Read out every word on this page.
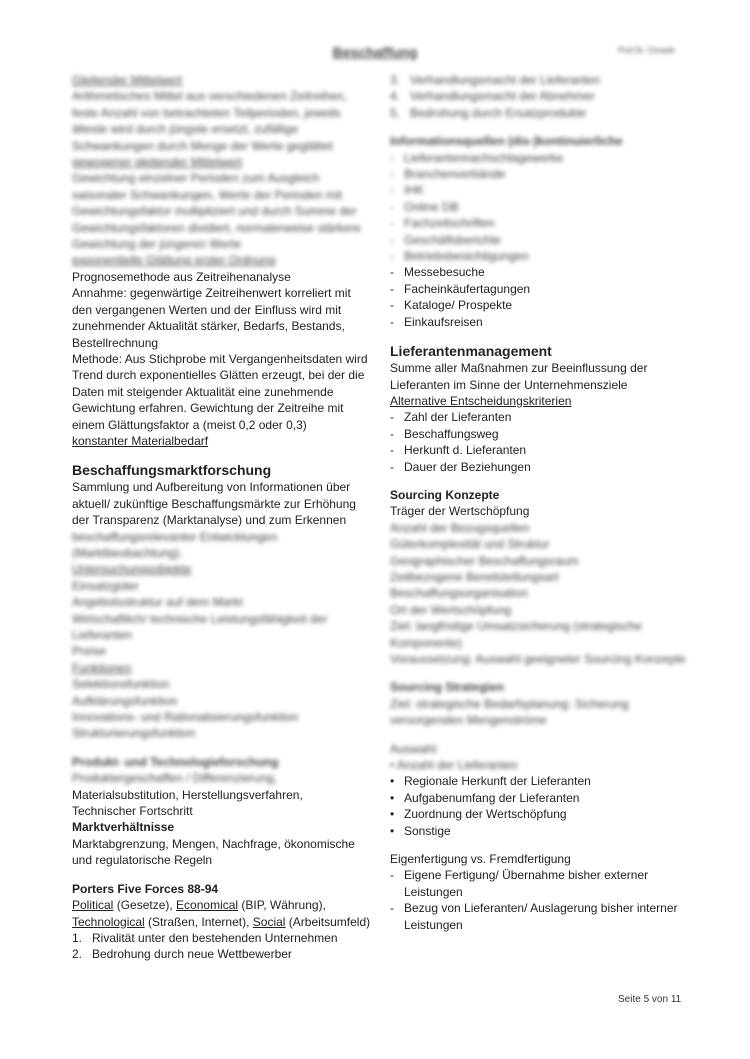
Beschaffung	Prof Dr. Chrasik
Gleitender Mittelwert
Arithmetisches Mittel aus verschiedenen Zeitreihen,
feste Anzahl von betrachteten Teilperioden, jeweils
älteste wird durch jüngste ersetzt, zufällige
Schwankungen durch Menge der Werte geglättet
gewogener gleitender Mittelwert
Gewichtung einzelner Perioden zum Ausgleich
saisonaler Schwankungen, Werte der Perioden mit
Gewichtungsfaktor multipliziert und durch Summe der
Gewichtungsfaktoren dividiert, normalerweise stärkere
Gewichtung der jüngeren Werte
exponentielle Glättung erster Ordnung
Prognosemethode aus Zeitreihenanalyse
Annahme: gegenwärtige Zeitreihenwert korreliert mit
den vergangenen Werten und der Einfluss wird mit
zunehmender Aktualität stärker, Bedarfs, Bestands,
Bestellrechnung
Methode: Aus Stichprobe mit Vergangenheitsdaten wird
Trend durch exponentielles Glätten erzeugt, bei der die
Daten mit steigender Aktualität eine zunehmende
Gewichtung erfahren. Gewichtung der Zeitreihe mit
einem Glättungsfaktor a (meist 0,2 oder 0,3)
konstanter Materialbedarf
Beschaffungsmarktforschung
Sammlung und Aufbereitung von Informationen über
aktuell/ zukünftige Beschaffungsmärkte zur Erhöhung
der Transparenz (Marktanalyse) und zum Erkennen
beschaffungsrelevanter Entwicklungen
(Marktbeobachtung).
Untersuchungsobjekte
Einsatzgüter
Angebotsstruktur auf dem Markt
Wirtschaftlich/ technische Leistungsfähigkeit der
Lieferanten
Preise
Funktionen
Selektionsfunktion
Aufklärungsfunktion
Innovations- und Rationalisierungsfunktion
Strukturierungsfunktion
Produkt- und Technologieforschung
Produktergeschaffen / Differenzierung,
Materialsubstitution, Herstellungsverfahren,
Technischer Fortschritt
Marktverhältnisse
Marktabgrenzung, Mengen, Nachfrage, ökonomische
und regulatorische Regeln
Porters Five Forces 88-94
Political (Gesetze), Economical (BIP, Währung),
Technological (Straßen, Internet), Social (Arbeitsumfeld)
1. Rivalität unter den bestehenden Unternehmen
2. Bedrohung durch neue Wettbewerber
3. Verhandlungsmacht der Lieferanten
4. Verhandlungsmacht der Abnehmer
5. Bedrohung durch Ersatzprodukte
Informationsquellen (dis-)kontinuierliche
- Lieferantennachschlagewerke
- Branchenverbände
- IHK
- Online DB
- Fachzeitschriften
- Geschäftsberichte
- Betriebsbesichtigungen
- Messebesuche
- Facheinkäufertagungen
- Kataloge/ Prospekte
- Einkaufsreisen
Lieferantenmanagement
Summe aller Maßnahmen zur Beeinflussung der
Lieferanten im Sinne der Unternehmensziele
Alternative Entscheidungskriterien
- Zahl der Lieferanten
- Beschaffungsweg
- Herkunft d. Lieferanten
- Dauer der Beziehungen
Sourcing Konzepte
Träger der Wertschöpfung
Anzahl der Bezugsquellen
Güterkomplexität und Struktur
Geographischer Beschaffungsraum
Zeitbezogene Bereitstellungsart
Beschaffungsorganisation
Ort der Wertschöpfung
Ziel: langfristige Umsatzsicherung (strategische
Komponente)
Voraussetzung: Auswahl geeigneter Sourcing Konzepte
Sourcing Strategien
Ziel: strategische Bedarfsplanung: Sicherung
versorgenden Mengenströme
Auswahl:
• Anzahl der Lieferanten
• Regionale Herkunft der Lieferanten
• Aufgabenumfang der Lieferanten
• Zuordnung der Wertschöpfung
• Sonstige
Eigenfertigung vs. Fremdfertigung
- Eigene Fertigung/ Übernahme bisher externer Leistungen
- Bezug von Lieferanten/ Auslagerung bisher interner Leistungen
Seite 5 von 11
